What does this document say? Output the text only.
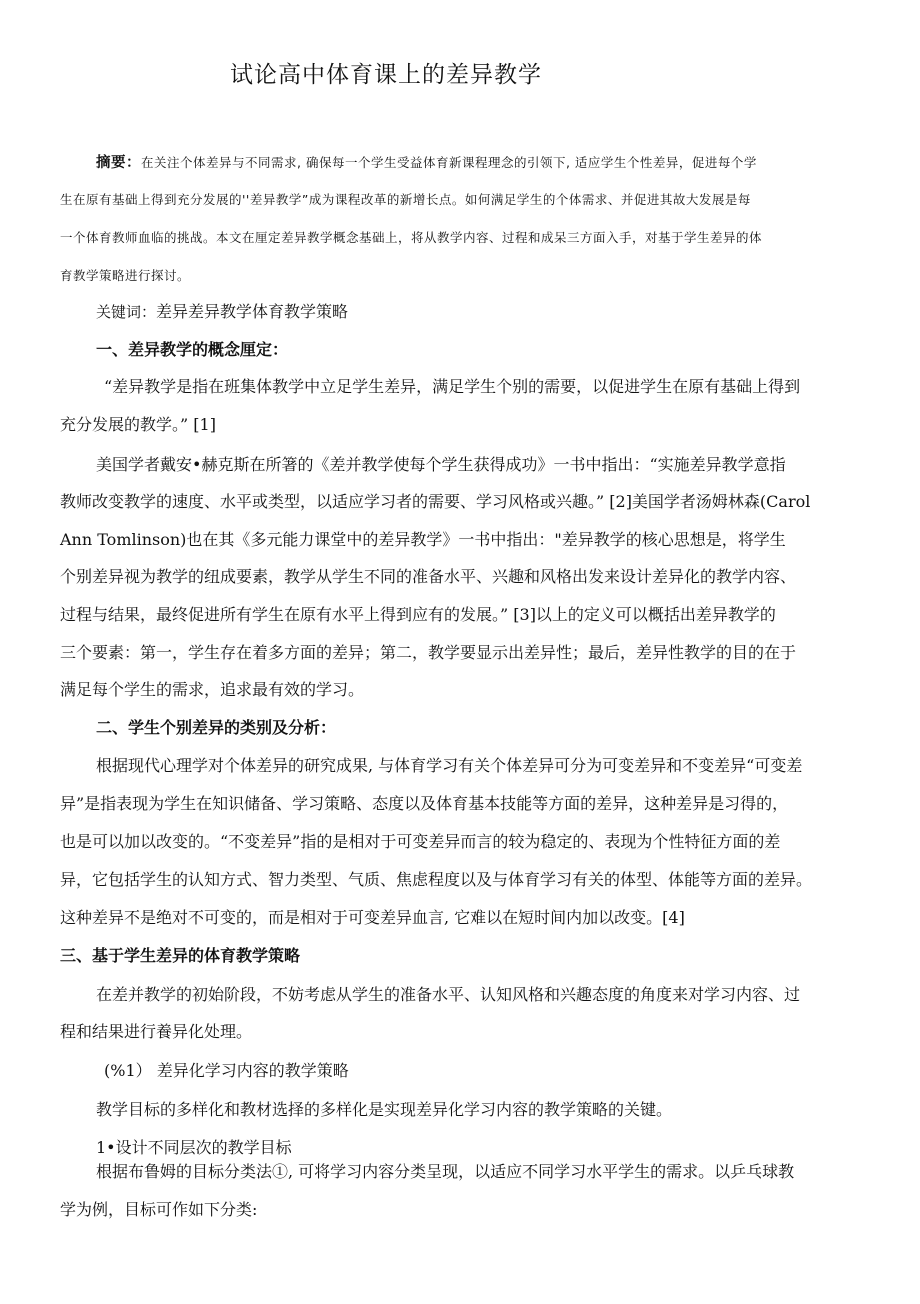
试论高中体育课上的差异教学
摘要：在关注个体差异与不同需求, 确保每一个学生受益体育新课程理念的引领下, 适应学生个性差异，促进每个学
生在原有基础上得到充分发展的''差异教学”成为课程改革的新增长点。如何满足学生的个体需求、并促进其故大发展是每
一个体育教师血临的挑战。本文在厘定差异教学概念基础上，将从教学内容、过程和成呆三方面入手，对基于学生差异的体
育教学策略进行探讨。
关键词：差异差异教学体育教学策略
一、差异教学的概念厘定：
“差异教学是指在班集体教学中立足学生差异，满足学生个别的需要，以促进学生在原有基础上得到
充分发展的教学。” [1]
美国学者戴安•赫克斯在所箸的《差并教学使每个学生获得成功》一书中指出：“实施差异教学意指
教师改变教学的速度、水平或类型，以适应学习者的需要、学习风格或兴趣。” [2]美国学者汤姆林森(Carol
Ann Tomlinson)也在其《多元能力课堂中的差异教学》一书中指出："差异教学的核心思想是，将学生
个别差异视为教学的纽成要素，教学从学生不同的准备水平、兴趣和风格出发来设计差异化的教学内容、
过程与结果，最终促进所有学生在原有水平上得到应有的发展。” [3]以上的定义可以概括出差异教学的
三个要素：第一，学生存在着多方面的差异；第二，教学要显示出差异性；最后，差异性教学的目的在于
满足每个学生的需求，追求最有效的学习。
二、学生个别差异的类别及分析：
根据现代心理学对个体差异的研究成果, 与体育学习有关个体差异可分为可变差异和不变差异“可变差
异”是指表现为学生在知识储备、学习策略、态度以及体育基本技能等方面的差异，这种差异是习得的，
也是可以加以改变的。“不变差异”指的是相对于可变差异而言的较为稳定的、表现为个性特征方面的差
异，它包括学生的认知方式、智力类型、气质、焦虑程度以及与体育学习有关的体型、体能等方面的差异。
这种差异不是绝对不可变的，而是相对于可变差异血言, 它难以在短时间内加以改变。[4]
三、基于学生差异的体育教学策略
在差并教学的初始阶段，不妨考虑从学生的准备水平、认知风格和兴趣态度的角度来对学习内容、过
程和结果进行養异化处理。
(%1） 差异化学习内容的教学策略
教学目标的多样化和教材选择的多样化是实现差异化学习内容的教学策略的关键。
1•设计不同层次的教学目标
根据布鲁姆的目标分类法①, 可将学习内容分类呈现，以适应不同学习水平学生的需求。以乒乓球教
学为例，目标可作如下分类:
